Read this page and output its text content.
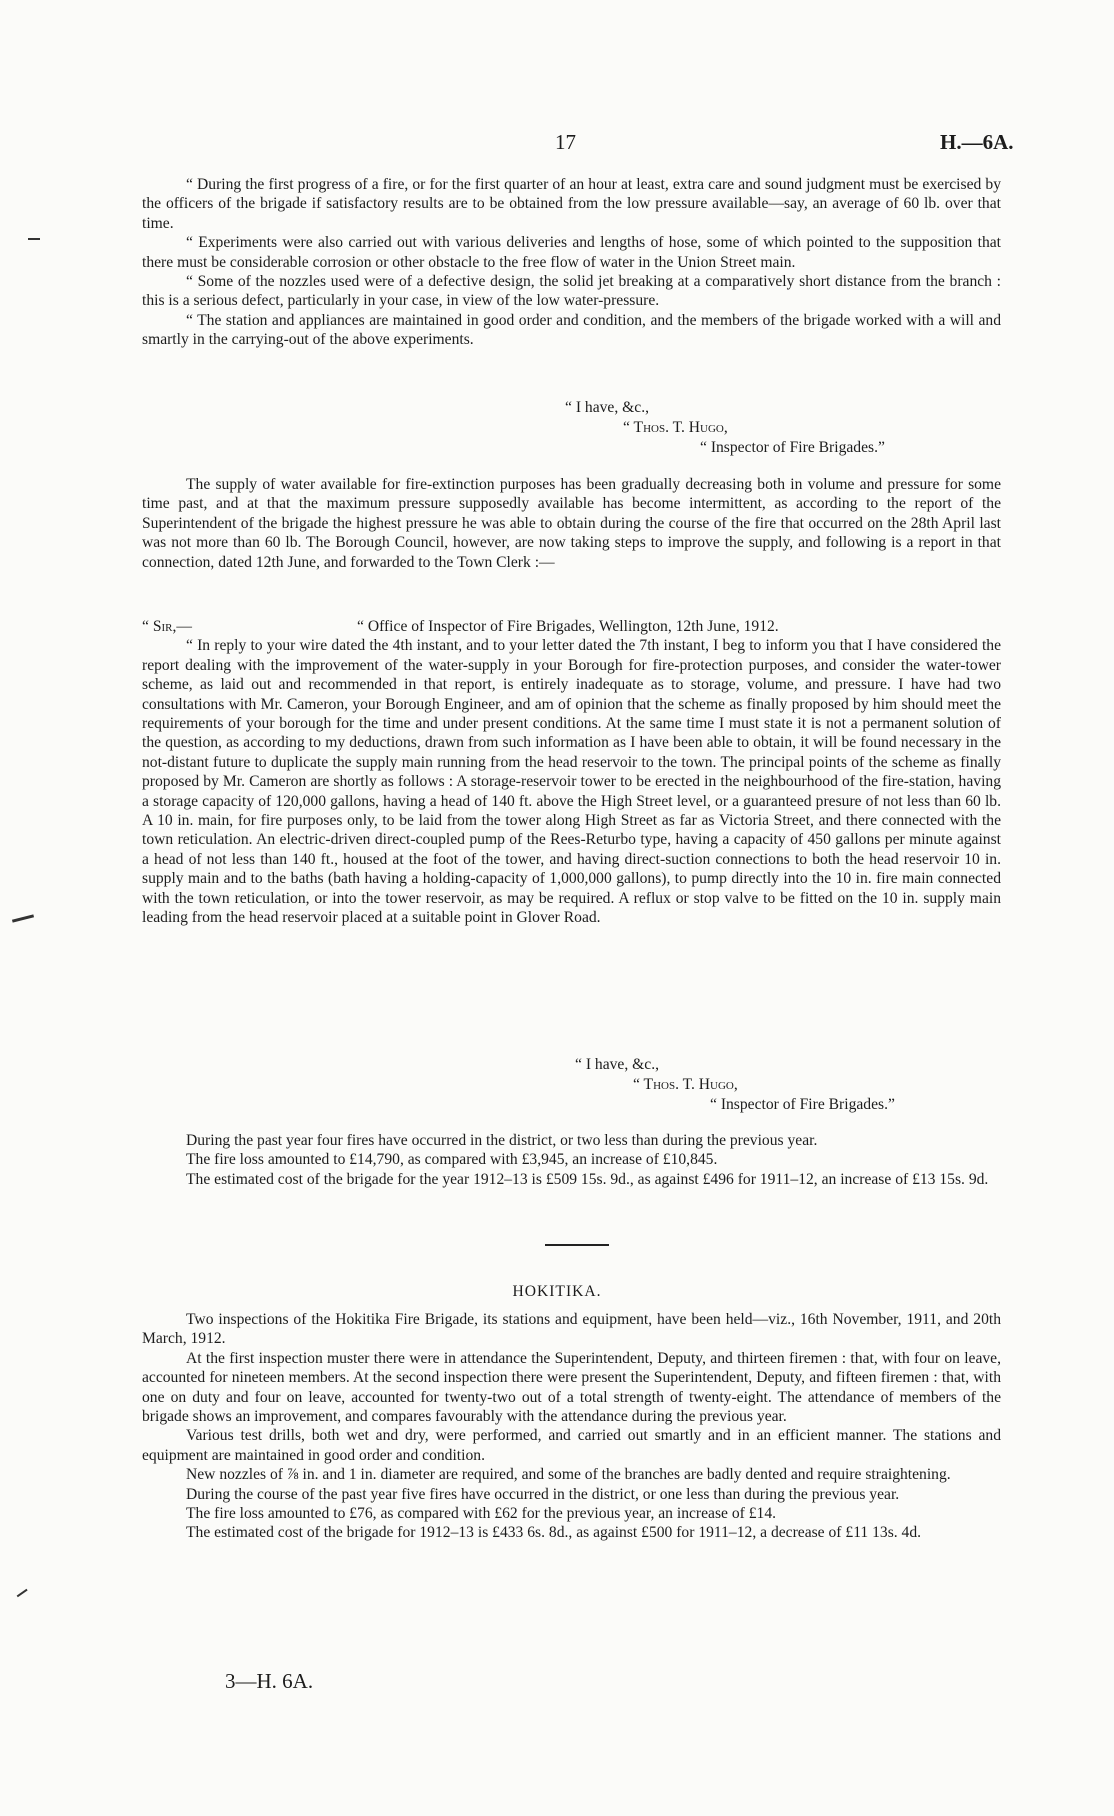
17	H.—6A.

“ During the first progress of a fire, or for the first quarter of an hour at least, extra care and sound judgment must be exercised by the officers of the brigade if satisfactory results are to be obtained from the low pressure available—say, an average of 60 lb. over that time.

“ Experiments were also carried out with various deliveries and lengths of hose, some of which pointed to the supposition that there must be considerable corrosion or other obstacle to the free flow of water in the Union Street main.

“ Some of the nozzles used were of a defective design, the solid jet breaking at a comparatively short distance from the branch : this is a serious defect, particularly in your case, in view of the low water-pressure.

“ The station and appliances are maintained in good order and condition, and the members of the brigade worked with a will and smartly in the carrying-out of the above experiments.

“ I have, &c.,
“ Thos. T. Hugo,
“ Inspector of Fire Brigades.”

The supply of water available for fire-extinction purposes has been gradually decreasing both in volume and pressure for some time past, and at that the maximum pressure supposedly available has become intermittent, as according to the report of the Superintendent of the brigade the highest pressure he was able to obtain during the course of the fire that occurred on the 28th April last was not more than 60 lb. The Borough Council, however, are now taking steps to improve the supply, and following is a report in that connection, dated 12th June, and forwarded to the Town Clerk :—

“ Sir,—	“ Office of Inspector of Fire Brigades, Wellington, 12th June, 1912.

“ In reply to your wire dated the 4th instant, and to your letter dated the 7th instant, I beg to inform you that I have considered the report dealing with the improvement of the water-supply in your Borough for fire-protection purposes, and consider the water-tower scheme, as laid out and recommended in that report, is entirely inadequate as to storage, volume, and pressure. I have had two consultations with Mr. Cameron, your Borough Engineer, and am of opinion that the scheme as finally proposed by him should meet the requirements of your borough for the time and under present conditions. At the same time I must state it is not a permanent solution of the question, as according to my deductions, drawn from such information as I have been able to obtain, it will be found necessary in the not-distant future to duplicate the supply main running from the head reservoir to the town. The principal points of the scheme as finally proposed by Mr. Cameron are shortly as follows : A storage-reservoir tower to be erected in the neighbourhood of the fire-station, having a storage capacity of 120,000 gallons, having a head of 140 ft. above the High Street level, or a guaranteed presure of not less than 60 lb. A 10 in. main, for fire purposes only, to be laid from the tower along High Street as far as Victoria Street, and there connected with the town reticulation. An electric-driven direct-coupled pump of the Rees-Returbo type, having a capacity of 450 gallons per minute against a head of not less than 140 ft., housed at the foot of the tower, and having direct-suction connections to both the head reservoir 10 in. supply main and to the baths (bath having a holding-capacity of 1,000,000 gallons), to pump directly into the 10 in. fire main connected with the town reticulation, or into the tower reservoir, as may be required. A reflux or stop valve to be fitted on the 10 in. supply main leading from the head reservoir placed at a suitable point in Glover Road.

“ I have, &c.,
“ Thos. T. Hugo,
“ Inspector of Fire Brigades.”

During the past year four fires have occurred in the district, or two less than during the previous year.

The fire loss amounted to £14,790, as compared with £3,945, an increase of £10,845.

The estimated cost of the brigade for the year 1912–13 is £509 15s. 9d., as against £496 for 1911–12, an increase of £13 15s. 9d.

HOKITIKA.

Two inspections of the Hokitika Fire Brigade, its stations and equipment, have been held—viz., 16th November, 1911, and 20th March, 1912.

At the first inspection muster there were in attendance the Superintendent, Deputy, and thirteen firemen : that, with four on leave, accounted for nineteen members. At the second inspection there were present the Superintendent, Deputy, and fifteen firemen : that, with one on duty and four on leave, accounted for twenty-two out of a total strength of twenty-eight. The attendance of members of the brigade shows an improvement, and compares favourably with the attendance during the previous year.

Various test drills, both wet and dry, were performed, and carried out smartly and in an efficient manner. The stations and equipment are maintained in good order and condition.

New nozzles of ⅞ in. and 1 in. diameter are required, and some of the branches are badly dented and require straightening.

During the course of the past year five fires have occurred in the district, or one less than during the previous year.

The fire loss amounted to £76, as compared with £62 for the previous year, an increase of £14.

The estimated cost of the brigade for 1912–13 is £433 6s. 8d., as against £500 for 1911–12, a decrease of £11 13s. 4d.

3—H. 6A.
